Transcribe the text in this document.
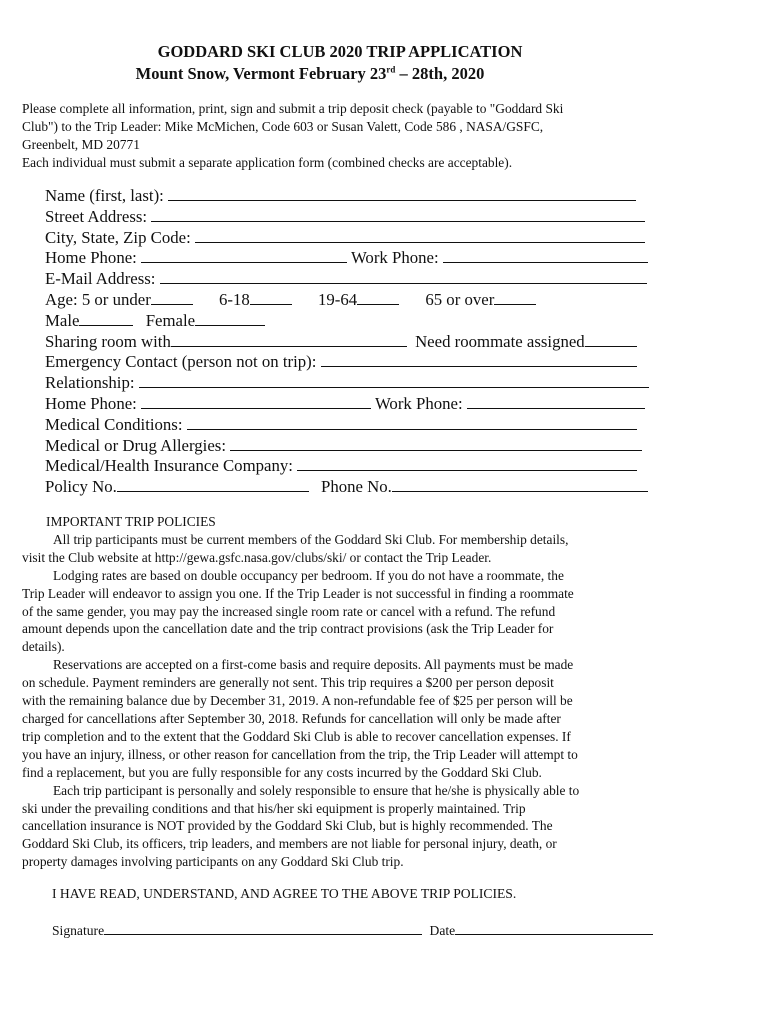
GODDARD SKI CLUB 2020 TRIP APPLICATION
Mount Snow, Vermont February 23rd – 28th, 2020
Please complete all information, print, sign and submit a trip deposit check (payable to "Goddard Ski
Club") to the Trip Leader: Mike McMichen, Code 603 or Susan Valett, Code 586 , NASA/GSFC,
Greenbelt, MD 20771
Each individual must submit a separate application form (combined checks are acceptable).
Name (first, last):
Street Address:
City, State, Zip Code:
Home Phone:	Work Phone:
E-Mail Address:
Age: 5 or under	6-18	19-64	65 or over
Male	Female
Sharing room with	Need roommate assigned
Emergency Contact (person not on trip):
Relationship:
Home Phone:	Work Phone:
Medical Conditions:
Medical or Drug Allergies:
Medical/Health Insurance Company:
Policy No.	Phone No.
IMPORTANT TRIP POLICIES
All trip participants must be current members of the Goddard Ski Club. For membership details,
visit the Club website at http://gewa.gsfc.nasa.gov/clubs/ski/ or contact the Trip Leader.
Lodging rates are based on double occupancy per bedroom. If you do not have a roommate, the
Trip Leader will endeavor to assign you one. If the Trip Leader is not successful in finding a roommate
of the same gender, you may pay the increased single room rate or cancel with a refund. The refund
amount depends upon the cancellation date and the trip contract provisions (ask the Trip Leader for
details).
Reservations are accepted on a first-come basis and require deposits. All payments must be made
on schedule. Payment reminders are generally not sent. This trip requires a $200 per person deposit
with the remaining balance due by December 31, 2019. A non-refundable fee of $25 per person will be
charged for cancellations after September 30, 2018. Refunds for cancellation will only be made after
trip completion and to the extent that the Goddard Ski Club is able to recover cancellation expenses. If
you have an injury, illness, or other reason for cancellation from the trip, the Trip Leader will attempt to
find a replacement, but you are fully responsible for any costs incurred by the Goddard Ski Club.
Each trip participant is personally and solely responsible to ensure that he/she is physically able to
ski under the prevailing conditions and that his/her ski equipment is properly maintained. Trip
cancellation insurance is NOT provided by the Goddard Ski Club, but is highly recommended. The
Goddard Ski Club, its officers, trip leaders, and members are not liable for personal injury, death, or
property damages involving participants on any Goddard Ski Club trip.
I HAVE READ, UNDERSTAND, AND AGREE TO THE ABOVE TRIP POLICIES.
Signature	Date
